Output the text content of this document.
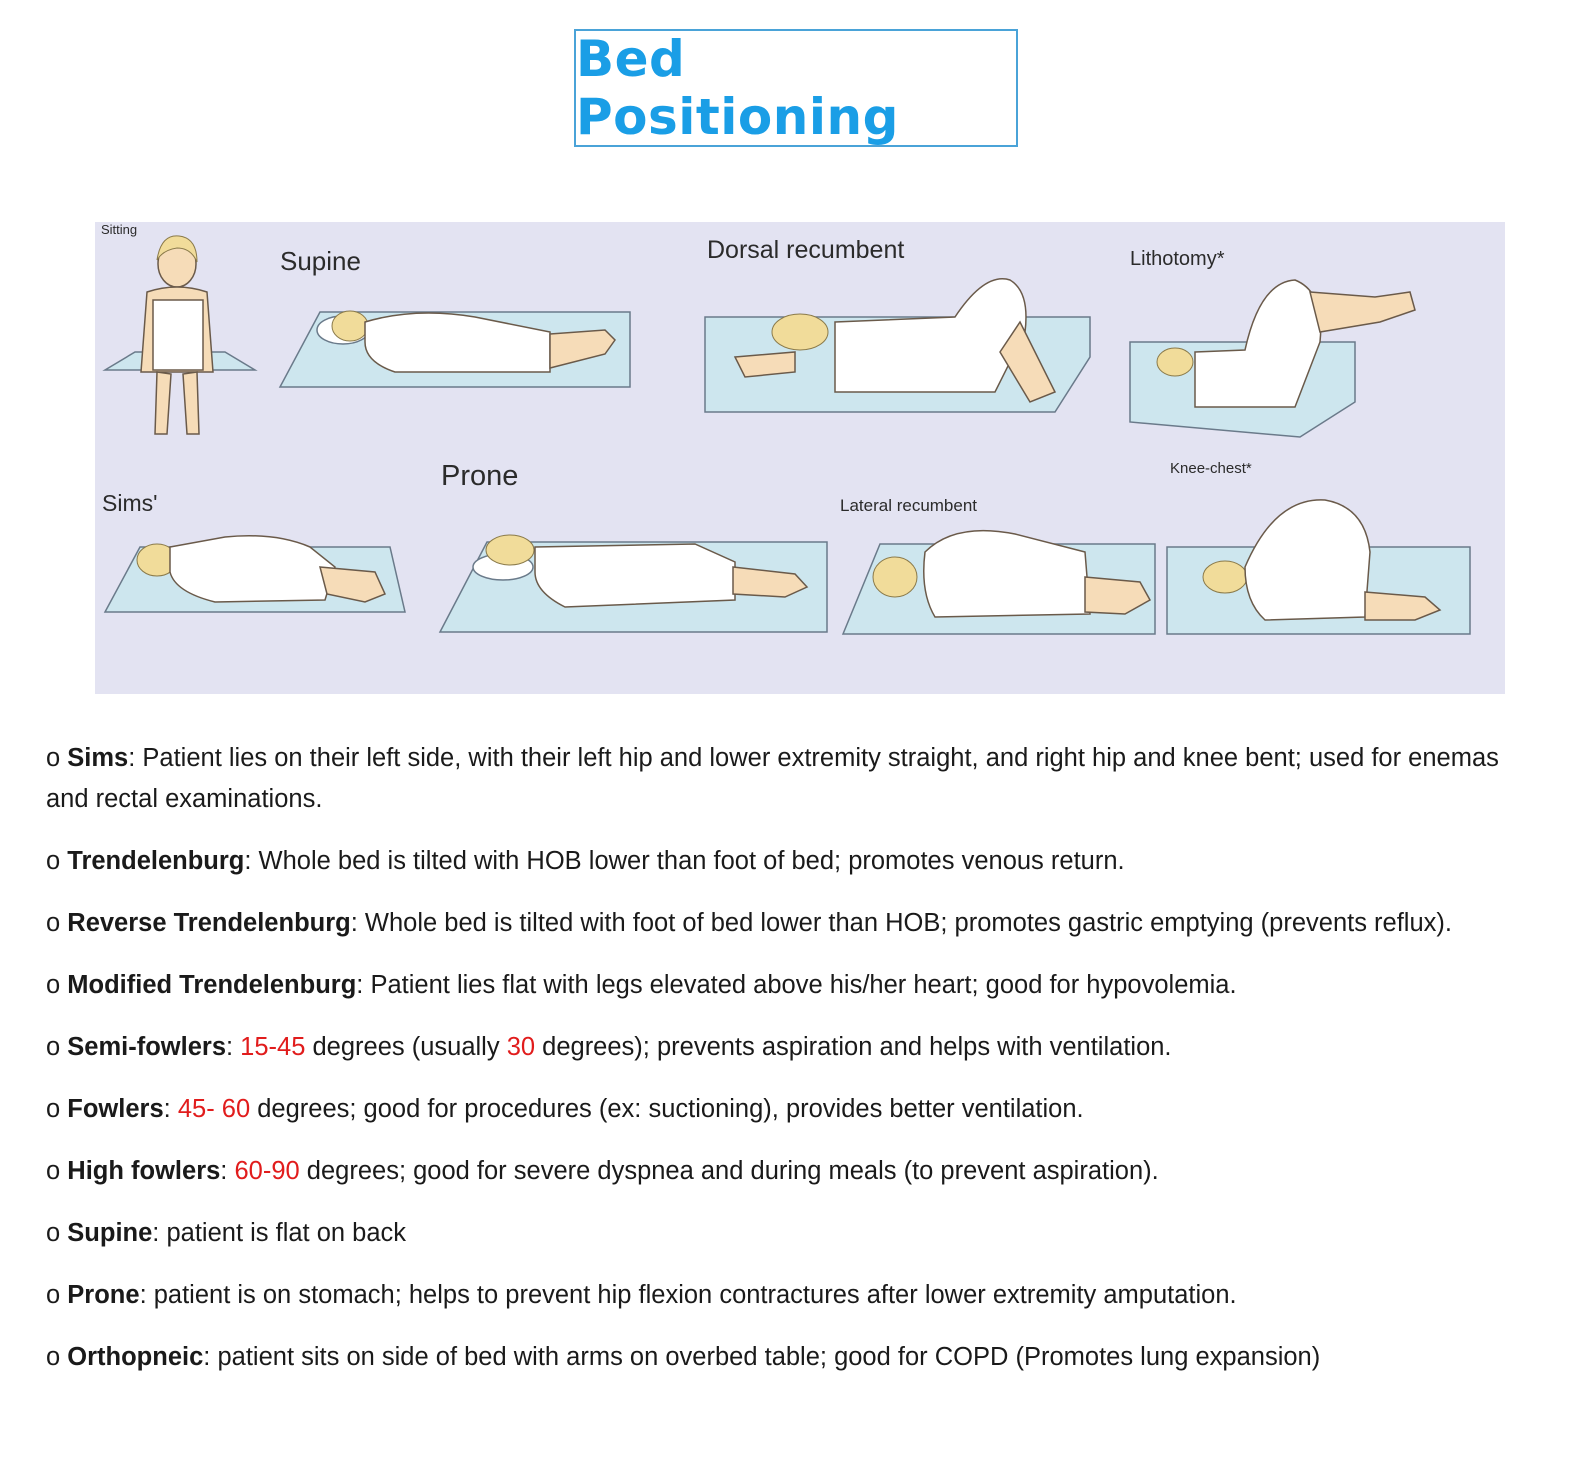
Bed Positioning
Sitting
Supine	Dorsal recumbent	Lithotomy*
Sims'
Prone
Lateral recumbent
Knee-chest*

o Sims: Patient lies on their left side, with their left hip and lower extremity straight, and right hip and knee bent; used for enemas and rectal examinations.

o Trendelenburg: Whole bed is tilted with HOB lower than foot of bed; promotes venous return.

o Reverse Trendelenburg: Whole bed is tilted with foot of bed lower than HOB; promotes gastric emptying (prevents reflux).

o Modified Trendelenburg: Patient lies flat with legs elevated above his/her heart; good for hypovolemia.

o Semi-fowlers: 15-45 degrees (usually 30 degrees); prevents aspiration and helps with ventilation.

o Fowlers: 45- 60 degrees; good for procedures (ex: suctioning), provides better ventilation.

o High fowlers: 60-90 degrees; good for severe dyspnea and during meals (to prevent aspiration).

o Supine: patient is flat on back

o Prone: patient is on stomach; helps to prevent hip flexion contractures after lower extremity amputation.

o Orthopneic: patient sits on side of bed with arms on overbed table; good for COPD (Promotes lung expansion)
